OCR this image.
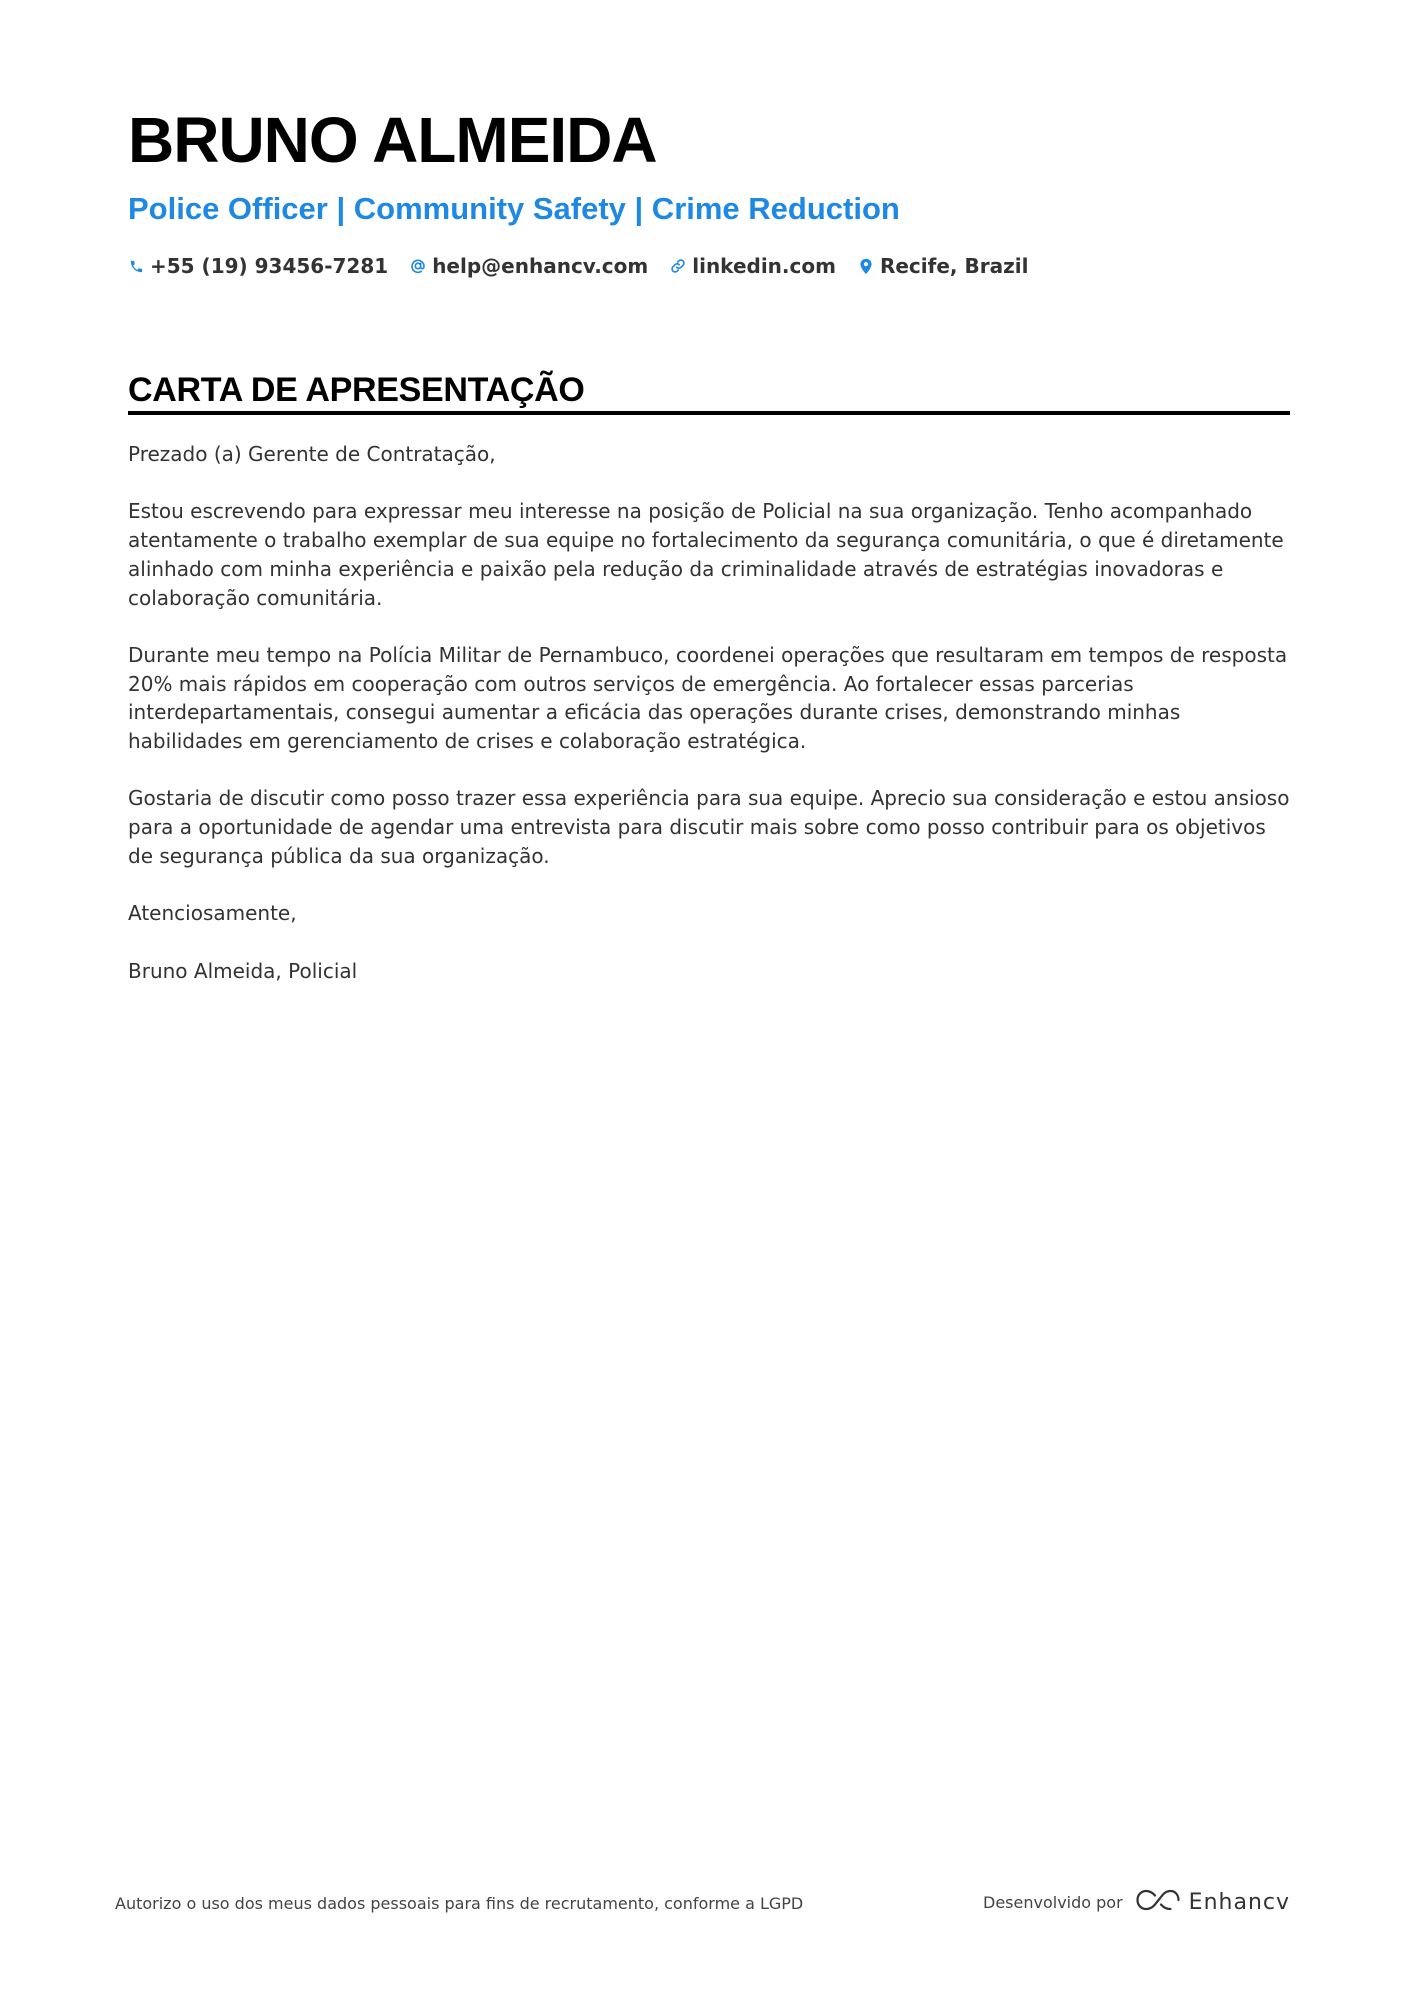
BRUNO ALMEIDA
Police Officer | Community Safety | Crime Reduction
+55 (19) 93456-7281 help@enhancv.com linkedin.com Recife, Brazil
CARTA DE APRESENTAÇÃO

Prezado (a) Gerente de Contratação,

Estou escrevendo para expressar meu interesse na posição de Policial na sua organização. Tenho acompanhado atentamente o trabalho exemplar de sua equipe no fortalecimento da segurança comunitária, o que é diretamente alinhado com minha experiência e paixão pela redução da criminalidade através de estratégias inovadoras e colaboração comunitária.

Durante meu tempo na Polícia Militar de Pernambuco, coordenei operações que resultaram em tempos de resposta 20% mais rápidos em cooperação com outros serviços de emergência. Ao fortalecer essas parcerias interdepartamentais, consegui aumentar a eficácia das operações durante crises, demonstrando minhas habilidades em gerenciamento de crises e colaboração estratégica.

Gostaria de discutir como posso trazer essa experiência para sua equipe. Aprecio sua consideração e estou ansioso para a oportunidade de agendar uma entrevista para discutir mais sobre como posso contribuir para os objetivos de segurança pública da sua organização.

Atenciosamente,

Bruno Almeida, Policial

Autorizo o uso dos meus dados pessoais para fins de recrutamento, conforme a LGPD	Desenvolvido por	Enhancv
